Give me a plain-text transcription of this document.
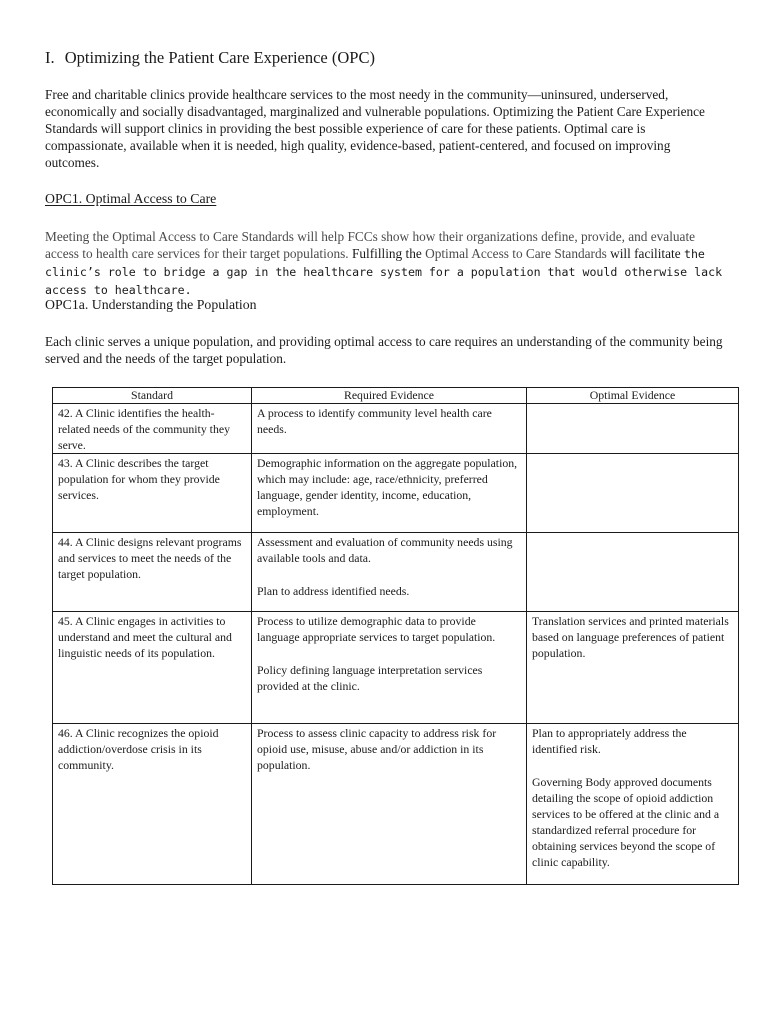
I. Optimizing the Patient Care Experience (OPC)
Free and charitable clinics provide healthcare services to the most needy in the community—uninsured, underserved, economically and socially disadvantaged, marginalized and vulnerable populations. Optimizing the Patient Care Experience Standards will support clinics in providing the best possible experience of care for these patients. Optimal care is compassionate, available when it is needed, high quality, evidence-based, patient-centered, and focused on improving outcomes.
OPC1. Optimal Access to Care
Meeting the Optimal Access to Care Standards will help FCCs show how their organizations define, provide, and evaluate access to health care services for their target populations. Fulfilling the Optimal Access to Care Standards will facilitate the clinic’s role to bridge a gap in the healthcare system for a population that would otherwise lack access to healthcare.
OPC1a. Understanding the Population
Each clinic serves a unique population, and providing optimal access to care requires an understanding of the community being served and the needs of the target population.
Standard	Required Evidence	Optimal Evidence
42. A Clinic identifies the health-related needs of the community they serve.	A process to identify community level health care needs.	

43. A Clinic describes the target population for whom they provide services.	Demographic information on the aggregate population, which may include: age, race/ethnicity, preferred language, gender identity, income, education, employment.	

44. A Clinic designs relevant programs and services to meet the needs of the target population.	Assessment and evaluation of community needs using available tools and data.
Plan to address identified needs.	

45. A Clinic engages in activities to understand and meet the cultural and linguistic needs of its population.	Process to utilize demographic data to provide language appropriate services to target population.
Policy defining language interpretation services provided at the clinic.	Translation services and printed materials based on language preferences of patient population.

46. A Clinic recognizes the opioid addiction/overdose crisis in its community.	Process to assess clinic capacity to address risk for opioid use, misuse, abuse and/or addiction in its population.	Plan to appropriately address the identified risk.
Governing Body approved documents detailing the scope of opioid addiction services to be offered at the clinic and a standardized referral procedure for obtaining services beyond the scope of clinic capability.
